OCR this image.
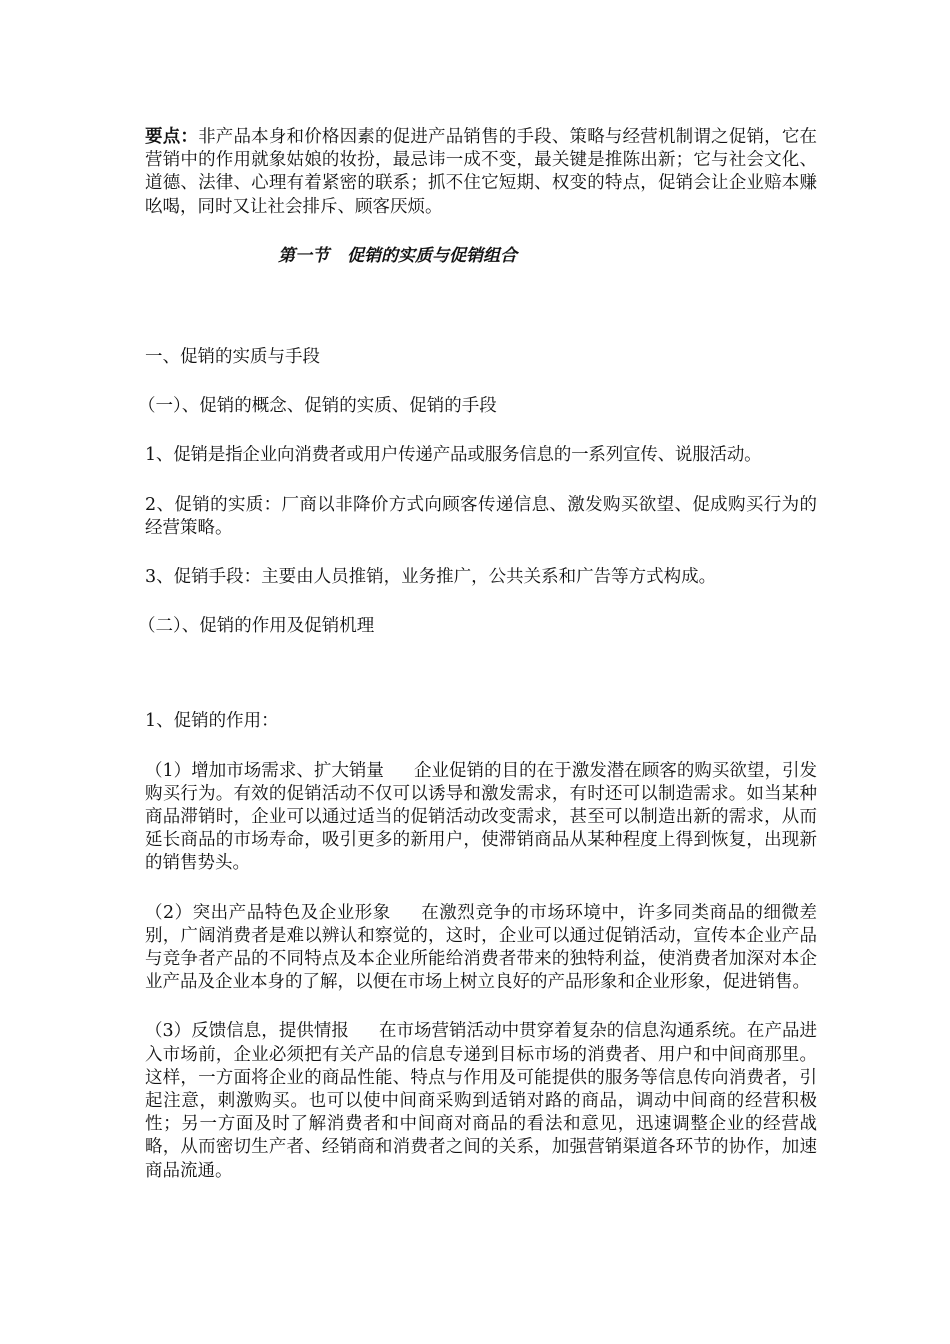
要点：非产品本身和价格因素的促进产品销售的手段、策略与经营机制谓之促销，它在营销中的作用就象姑娘的妆扮，最忌讳一成不变，最关键是推陈出新；它与社会文化、道德、法律、心理有着紧密的联系；抓不住它短期、权变的特点，促销会让企业赔本赚吆喝，同时又让社会排斥、顾客厌烦。

第一节 促销的实质与促销组合

一、促销的实质与手段

（一）、促销的概念、促销的实质、促销的手段

1、促销是指企业向消费者或用户传递产品或服务信息的一系列宣传、说服活动。

2、促销的实质：厂商以非降价方式向顾客传递信息、激发购买欲望、促成购买行为的经营策略。

3、促销手段：主要由人员推销，业务推广，公共关系和广告等方式构成。

（二）、促销的作用及促销机理

1、促销的作用：

（1）增加市场需求、扩大销量 企业促销的目的在于激发潜在顾客的购买欲望，引发购买行为。有效的促销活动不仅可以诱导和激发需求，有时还可以制造需求。如当某种商品滞销时，企业可以通过适当的促销活动改变需求，甚至可以制造出新的需求，从而延长商品的市场寿命，吸引更多的新用户，使滞销商品从某种程度上得到恢复，出现新的销售势头。

（2）突出产品特色及企业形象 在激烈竞争的市场环境中，许多同类商品的细微差别，广阔消费者是难以辨认和察觉的，这时，企业可以通过促销活动，宣传本企业产品与竞争者产品的不同特点及本企业所能给消费者带来的独特利益，使消费者加深对本企业产品及企业本身的了解，以便在市场上树立良好的产品形象和企业形象，促进销售。

（3）反馈信息，提供情报 在市场营销活动中贯穿着复杂的信息沟通系统。在产品进入市场前，企业必须把有关产品的信息专递到目标市场的消费者、用户和中间商那里。这样，一方面将企业的商品性能、特点与作用及可能提供的服务等信息传向消费者，引起注意，刺激购买。也可以使中间商采购到适销对路的商品，调动中间商的经营积极性；另一方面及时了解消费者和中间商对商品的看法和意见，迅速调整企业的经营战略，从而密切生产者、经销商和消费者之间的关系，加强营销渠道各环节的协作，加速商品流通。
